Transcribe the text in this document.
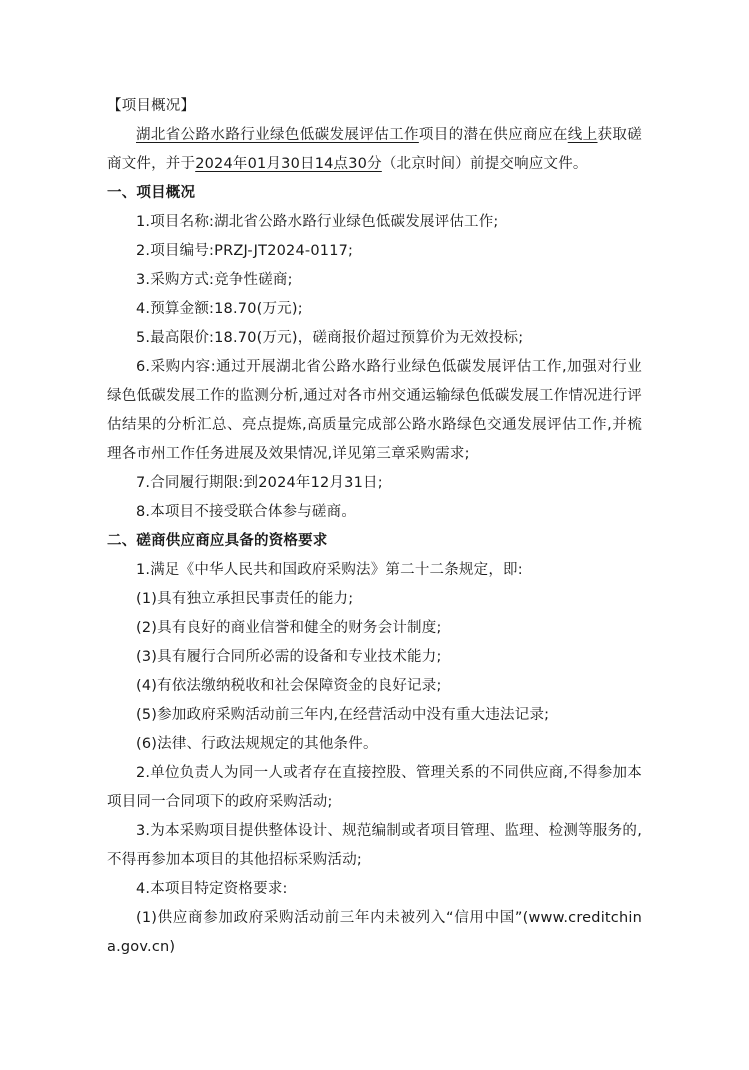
【项目概况】

湖北省公路水路行业绿色低碳发展评估工作项目的潜在供应商应在线上获取磋商文件，并于2024年01月30日14点30分（北京时间）前提交响应文件。

一、项目概况

1.项目名称:湖北省公路水路行业绿色低碳发展评估工作;

2.项目编号:PRZJ-JT2024-0117;

3.采购方式:竞争性磋商;

4.预算金额:18.70(万元);

5.最高限价:18.70(万元)，磋商报价超过预算价为无效投标;

6.采购内容:通过开展湖北省公路水路行业绿色低碳发展评估工作,加强对行业绿色低碳发展工作的监测分析,通过对各市州交通运输绿色低碳发展工作情况进行评估结果的分析汇总、亮点提炼,高质量完成部公路水路绿色交通发展评估工作,并梳理各市州工作任务进展及效果情况,详见第三章采购需求;

7.合同履行期限:到2024年12月31日;

8.本项目不接受联合体参与磋商。

二、磋商供应商应具备的资格要求

1.满足《中华人民共和国政府采购法》第二十二条规定，即:

(1)具有独立承担民事责任的能力;

(2)具有良好的商业信誉和健全的财务会计制度;

(3)具有履行合同所必需的设备和专业技术能力;

(4)有依法缴纳税收和社会保障资金的良好记录;

(5)参加政府采购活动前三年内,在经营活动中没有重大违法记录;

(6)法律、行政法规规定的其他条件。

2.单位负责人为同一人或者存在直接控股、管理关系的不同供应商,不得参加本项目同一合同项下的政府采购活动;

3.为本采购项目提供整体设计、规范编制或者项目管理、监理、检测等服务的,不得再参加本项目的其他招标采购活动;

4.本项目特定资格要求:

(1)供应商参加政府采购活动前三年内未被列入“信用中国”(www.creditchina.gov.cn)
